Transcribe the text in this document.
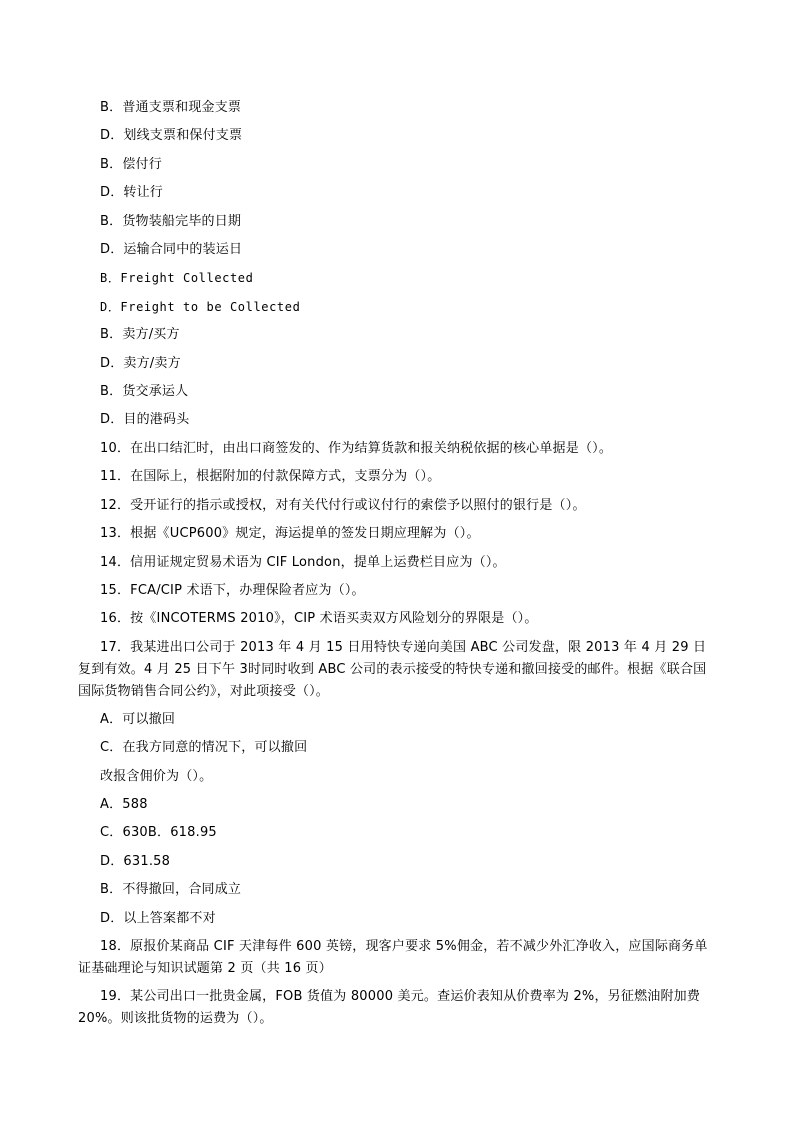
B．普通支票和现金支票
D．划线支票和保付支票
B．偿付行
D．转让行
B．货物装船完毕的日期
D．运输合同中的装运日
B．Freight Collected
D．Freight to be Collected
B．卖方/买方
D．卖方/卖方
B．货交承运人
D．目的港码头
10．在出口结汇时，由出口商签发的、作为结算货款和报关纳税依据的核心单据是（）。
11．在国际上，根据附加的付款保障方式，支票分为（）。
12．受开证行的指示或授权，对有关代付行或议付行的索偿予以照付的银行是（）。
13．根据《UCP600》规定，海运提单的签发日期应理解为（）。
14．信用证规定贸易术语为 CIF London，提单上运费栏目应为（）。
15．FCA/CIP 术语下，办理保险者应为（）。
16．按《INCOTERMS 2010》，CIP 术语买卖双方风险划分的界限是（）。
17．我某进出口公司于 2013 年 4 月 15 日用特快专递向美国 ABC 公司发盘，限 2013 年 4 月 29 日复到有效。4 月 25 日下午 3时同时收到 ABC 公司的表示接受的特快专递和撤回接受的邮件。根据《联合国国际货物销售合同公约》，对此项接受（）。
A．可以撤回
C．在我方同意的情况下，可以撤回
改报含佣价为（）。
A．588
C．630B．618.95
D．631.58
B．不得撤回，合同成立
D．以上答案都不对
18．原报价某商品 CIF 天津每件 600 英镑，现客户要求 5%佣金，若不减少外汇净收入，应国际商务单证基础理论与知识试题第 2 页（共 16 页）
19．某公司出口一批贵金属，FOB 货值为 80000 美元。查运价表知从价费率为 2%，另征燃油附加费 20%。则该批货物的运费为（）。
